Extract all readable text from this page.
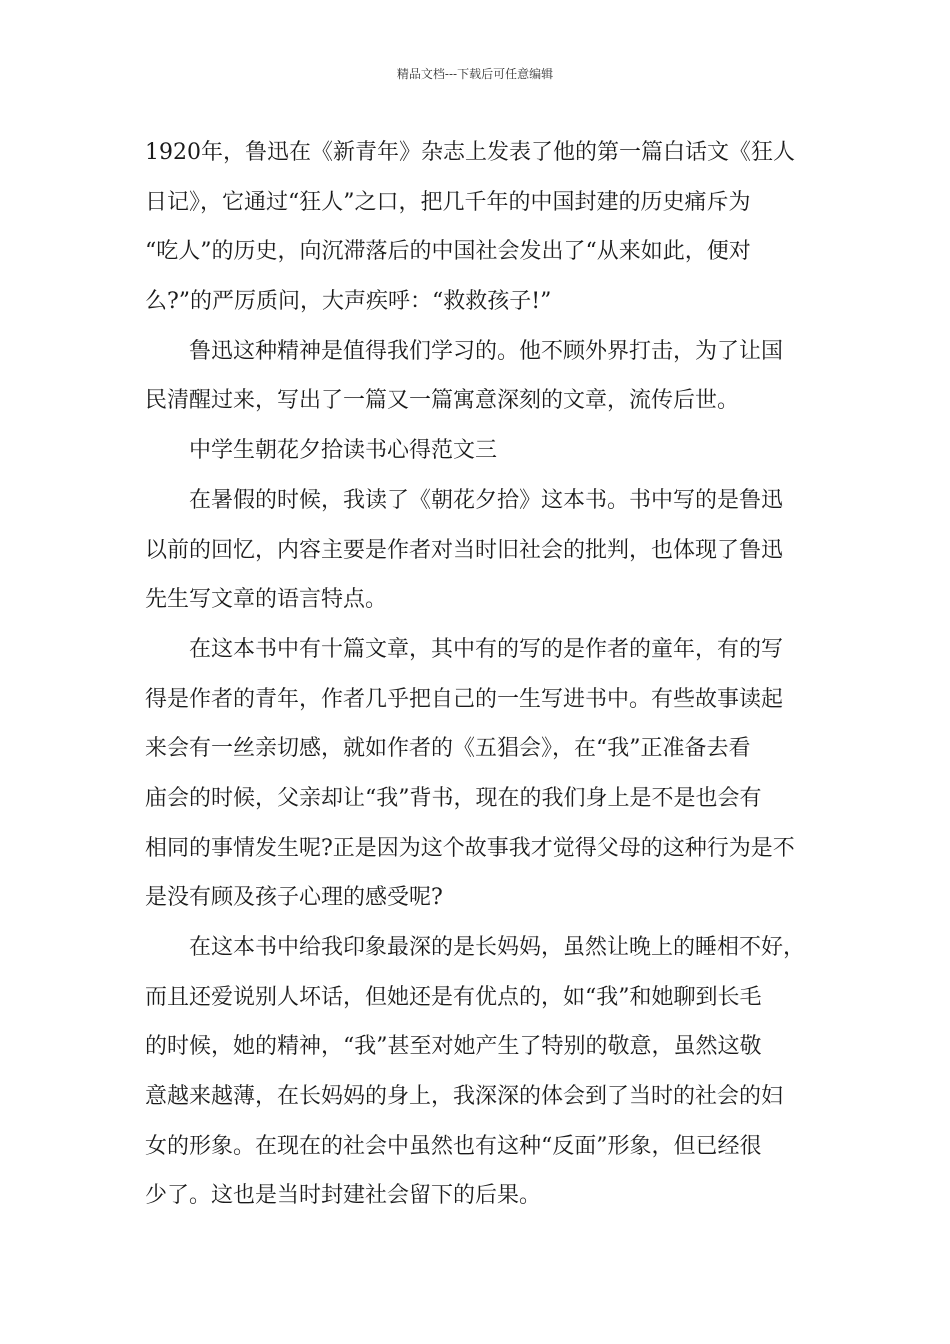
精品文档---下载后可任意编辑
1920年，鲁迅在《新青年》杂志上发表了他的第一篇白话文《狂人
日记》，它通过“狂人”之口，把几千年的中国封建的历史痛斥为
“吃人”的历史，向沉滞落后的中国社会发出了“从来如此，便对
么?”的严厉质问，大声疾呼：“救救孩子!”
鲁迅这种精神是值得我们学习的。他不顾外界打击，为了让国
民清醒过来，写出了一篇又一篇寓意深刻的文章，流传后世。
中学生朝花夕拾读书心得范文三
在暑假的时候，我读了《朝花夕拾》这本书。书中写的是鲁迅
以前的回忆，内容主要是作者对当时旧社会的批判，也体现了鲁迅
先生写文章的语言特点。
在这本书中有十篇文章，其中有的写的是作者的童年，有的写
得是作者的青年，作者几乎把自己的一生写进书中。有些故事读起
来会有一丝亲切感，就如作者的《五猖会》，在“我”正准备去看
庙会的时候，父亲却让“我”背书，现在的我们身上是不是也会有
相同的事情发生呢?正是因为这个故事我才觉得父母的这种行为是不
是没有顾及孩子心理的感受呢?
在这本书中给我印象最深的是长妈妈，虽然让晚上的睡相不好，
而且还爱说别人坏话，但她还是有优点的，如“我”和她聊到长毛
的时候，她的精神，“我”甚至对她产生了特别的敬意，虽然这敬
意越来越薄，在长妈妈的身上，我深深的体会到了当时的社会的妇
女的形象。在现在的社会中虽然也有这种“反面”形象，但已经很
少了。这也是当时封建社会留下的后果。
